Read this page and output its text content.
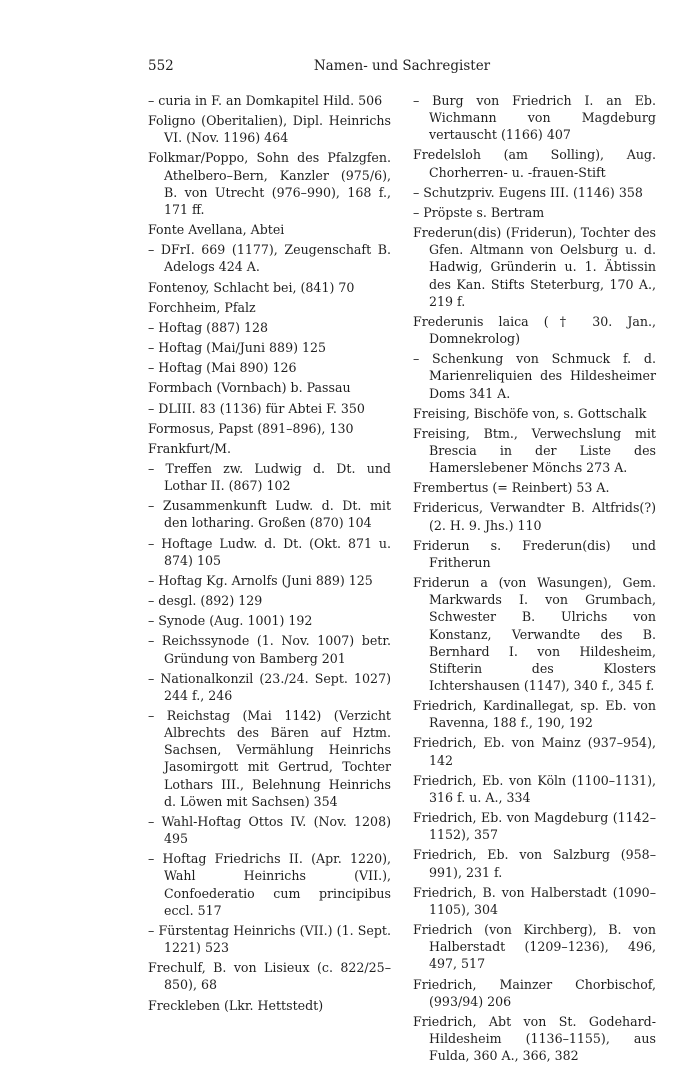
552	Namen- und Sachregister

– curia in F. an Domkapitel Hild. 506

Foligno (Oberitalien), Dipl. Heinrichs VI. (Nov. 1196) 464

Folkmar/Poppo, Sohn des Pfalzgfen. Athelbero–Bern, Kanzler (975/6), B. von Utrecht (976–990), 168 f., 171 ff.

Fonte Avellana, Abtei

– DFrI. 669 (1177), Zeugenschaft B. Adelogs 424 A.

Fontenoy, Schlacht bei, (841) 70

Forchheim, Pfalz

– Hoftag (887) 128

– Hoftag (Mai/Juni 889) 125

– Hoftag (Mai 890) 126

Formbach (Vornbach) b. Passau

– DLIII. 83 (1136) für Abtei F. 350

Formosus, Papst (891–896), 130

Frankfurt/M.

– Treffen zw. Ludwig d. Dt. und Lothar II. (867) 102

– Zusammenkunft Ludw. d. Dt. mit den lotharing. Großen (870) 104

– Hoftage Ludw. d. Dt. (Okt. 871 u. 874) 105

– Hoftag Kg. Arnolfs (Juni 889) 125

– desgl. (892) 129

– Synode (Aug. 1001) 192

– Reichssynode (1. Nov. 1007) betr. Gründung von Bamberg 201

– Nationalkonzil (23./24. Sept. 1027) 244 f., 246

– Reichstag (Mai 1142) (Verzicht Albrechts des Bären auf Hztm. Sachsen, Vermählung Heinrichs Jasomirgott mit Gertrud, Tochter Lothars III., Belehnung Heinrichs d. Löwen mit Sachsen) 354

– Wahl-Hoftag Ottos IV. (Nov. 1208) 495

– Hoftag Friedrichs II. (Apr. 1220), Wahl Heinrichs (VII.), Confoederatio cum principibus eccl. 517

– Fürstentag Heinrichs (VII.) (1. Sept. 1221) 523

Frechulf, B. von Lisieux (c. 822/25–850), 68

Freckleben (Lkr. Hettstedt)

– Burg von Friedrich I. an Eb. Wichmann von Magdeburg vertauscht (1166) 407

Fredelsloh (am Solling), Aug. Chorherren- u. -frauen-Stift

– Schutzpriv. Eugens III. (1146) 358

– Pröpste s. Bertram

Frederun(dis) (Friderun), Tochter des Gfen. Altmann von Oelsburg u. d. Hadwig, Gründerin u. 1. Äbtissin des Kan. Stifts Steterburg, 170 A., 219 f.

Frederunis laica († 30. Jan., Domnekrolog)

– Schenkung von Schmuck f. d. Marienreliquien des Hildesheimer Doms 341 A.

Freising, Bischöfe von, s. Gottschalk

Freising, Btm., Verwechslung mit Brescia in der Liste des Hamerslebener Mönchs 273 A.

Frembertus (= Reinbert) 53 A.

Fridericus, Verwandter B. Altfrids(?) (2. H. 9. Jhs.) 110

Friderun s. Frederun(dis) und Fritherun

Friderun a (von Wasungen), Gem. Markwards I. von Grumbach, Schwester B. Ulrichs von Konstanz, Verwandte des B. Bernhard I. von Hildesheim, Stifterin des Klosters Ichtershausen (1147), 340 f., 345 f.

Friedrich, Kardinallegat, sp. Eb. von Ravenna, 188 f., 190, 192

Friedrich, Eb. von Mainz (937–954), 142

Friedrich, Eb. von Köln (1100–1131), 316 f. u. A., 334

Friedrich, Eb. von Magdeburg (1142–1152), 357

Friedrich, Eb. von Salzburg (958–991), 231 f.

Friedrich, B. von Halberstadt (1090–1105), 304

Friedrich (von Kirchberg), B. von Halberstadt (1209–1236), 496, 497, 517

Friedrich, Mainzer Chorbischof, (993/94) 206

Friedrich, Abt von St. Godehard-Hildesheim (1136–1155), aus Fulda, 360 A., 366, 382
